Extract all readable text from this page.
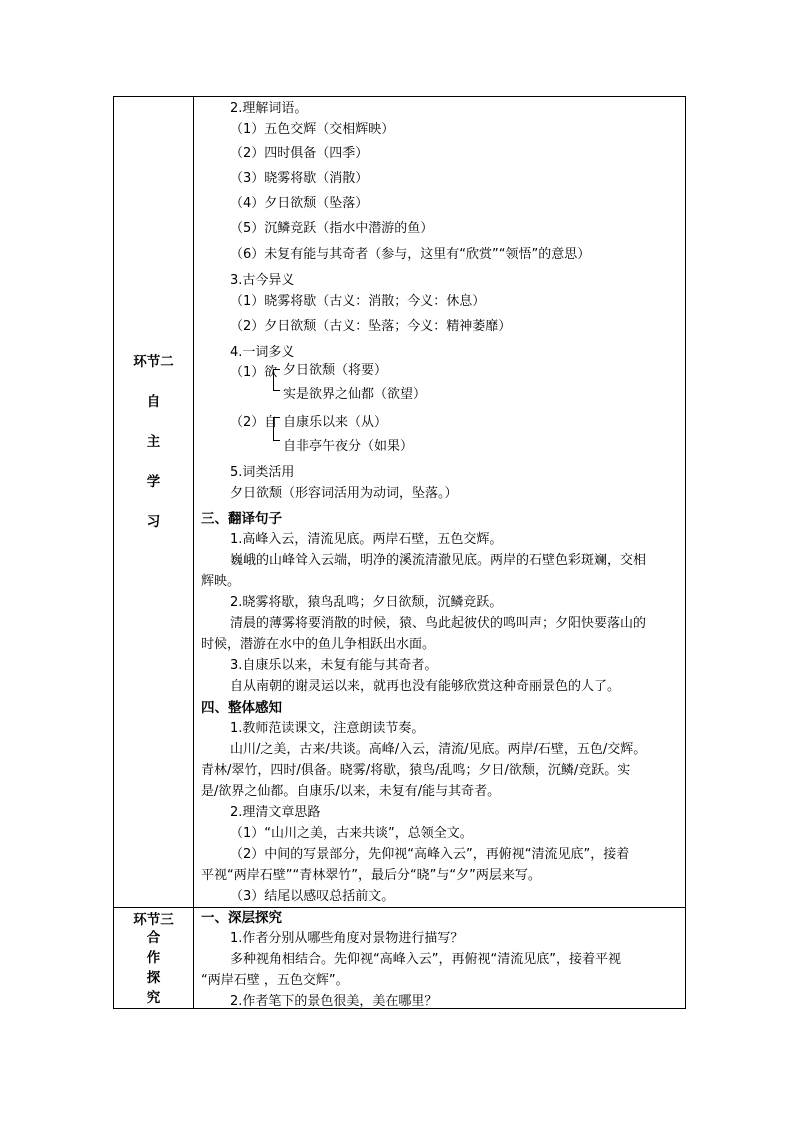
环节二
自
主
学
习
2.理解词语。
（1）五色交辉（交相辉映）
（2）四时俱备（四季）
（3）晓雾将歇（消散）
（4）夕日欲颓（坠落）
（5）沉鳞竞跃（指水中潜游的鱼）
（6）未复有能与其奇者（参与，这里有“欣赏”“领悟”的意思）
3.古今异义
（1）晓雾将歇（古义：消散；今义：休息）
（2）夕日欲颓（古义：坠落；今义：精神萎靡）
4.一词多义
（1）欲 夕日欲颓（将要）
实是欲界之仙都（欲望）
（2）自 自康乐以来（从）
自非亭午夜分（如果）
5.词类活用
夕日欲颓（形容词活用为动词，坠落。）
三、翻译句子
1.高峰入云，清流见底。两岸石壁，五色交辉。
巍峨的山峰耸入云端，明净的溪流清澈见底。两岸的石壁色彩斑斓，交相
辉映。
2.晓雾将歇，猿鸟乱鸣；夕日欲颓，沉鳞竞跃。
清晨的薄雾将要消散的时候，猿、鸟此起彼伏的鸣叫声；夕阳快要落山的
时候，潜游在水中的鱼儿争相跃出水面。
3.自康乐以来，未复有能与其奇者。
自从南朝的谢灵运以来，就再也没有能够欣赏这种奇丽景色的人了。
四、整体感知
1.教师范读课文，注意朗读节奏。
山川/之美，古来/共谈。高峰/入云，清流/见底。两岸/石壁，五色/交辉。
青林/翠竹，四时/俱备。晓雾/将歇，猿鸟/乱鸣；夕日/欲颓，沉鳞/竞跃。实
是/欲界之仙都。自康乐/以来，未复有/能与其奇者。
2.理清文章思路
（1）“山川之美，古来共谈”，总领全文。
（2）中间的写景部分，先仰视“高峰入云”，再俯视“清流见底”，接着
平视“两岸石壁”“青林翠竹”，最后分“晓”与“夕”两层来写。
（3）结尾以感叹总括前文。
环节三
合
作
探
究
一、深层探究
1.作者分别从哪些角度对景物进行描写？
多种视角相结合。先仰视“高峰入云”，再俯视“清流见底”，接着平视
“两岸石壁 ，五色交辉”。
2.作者笔下的景色很美，美在哪里？
